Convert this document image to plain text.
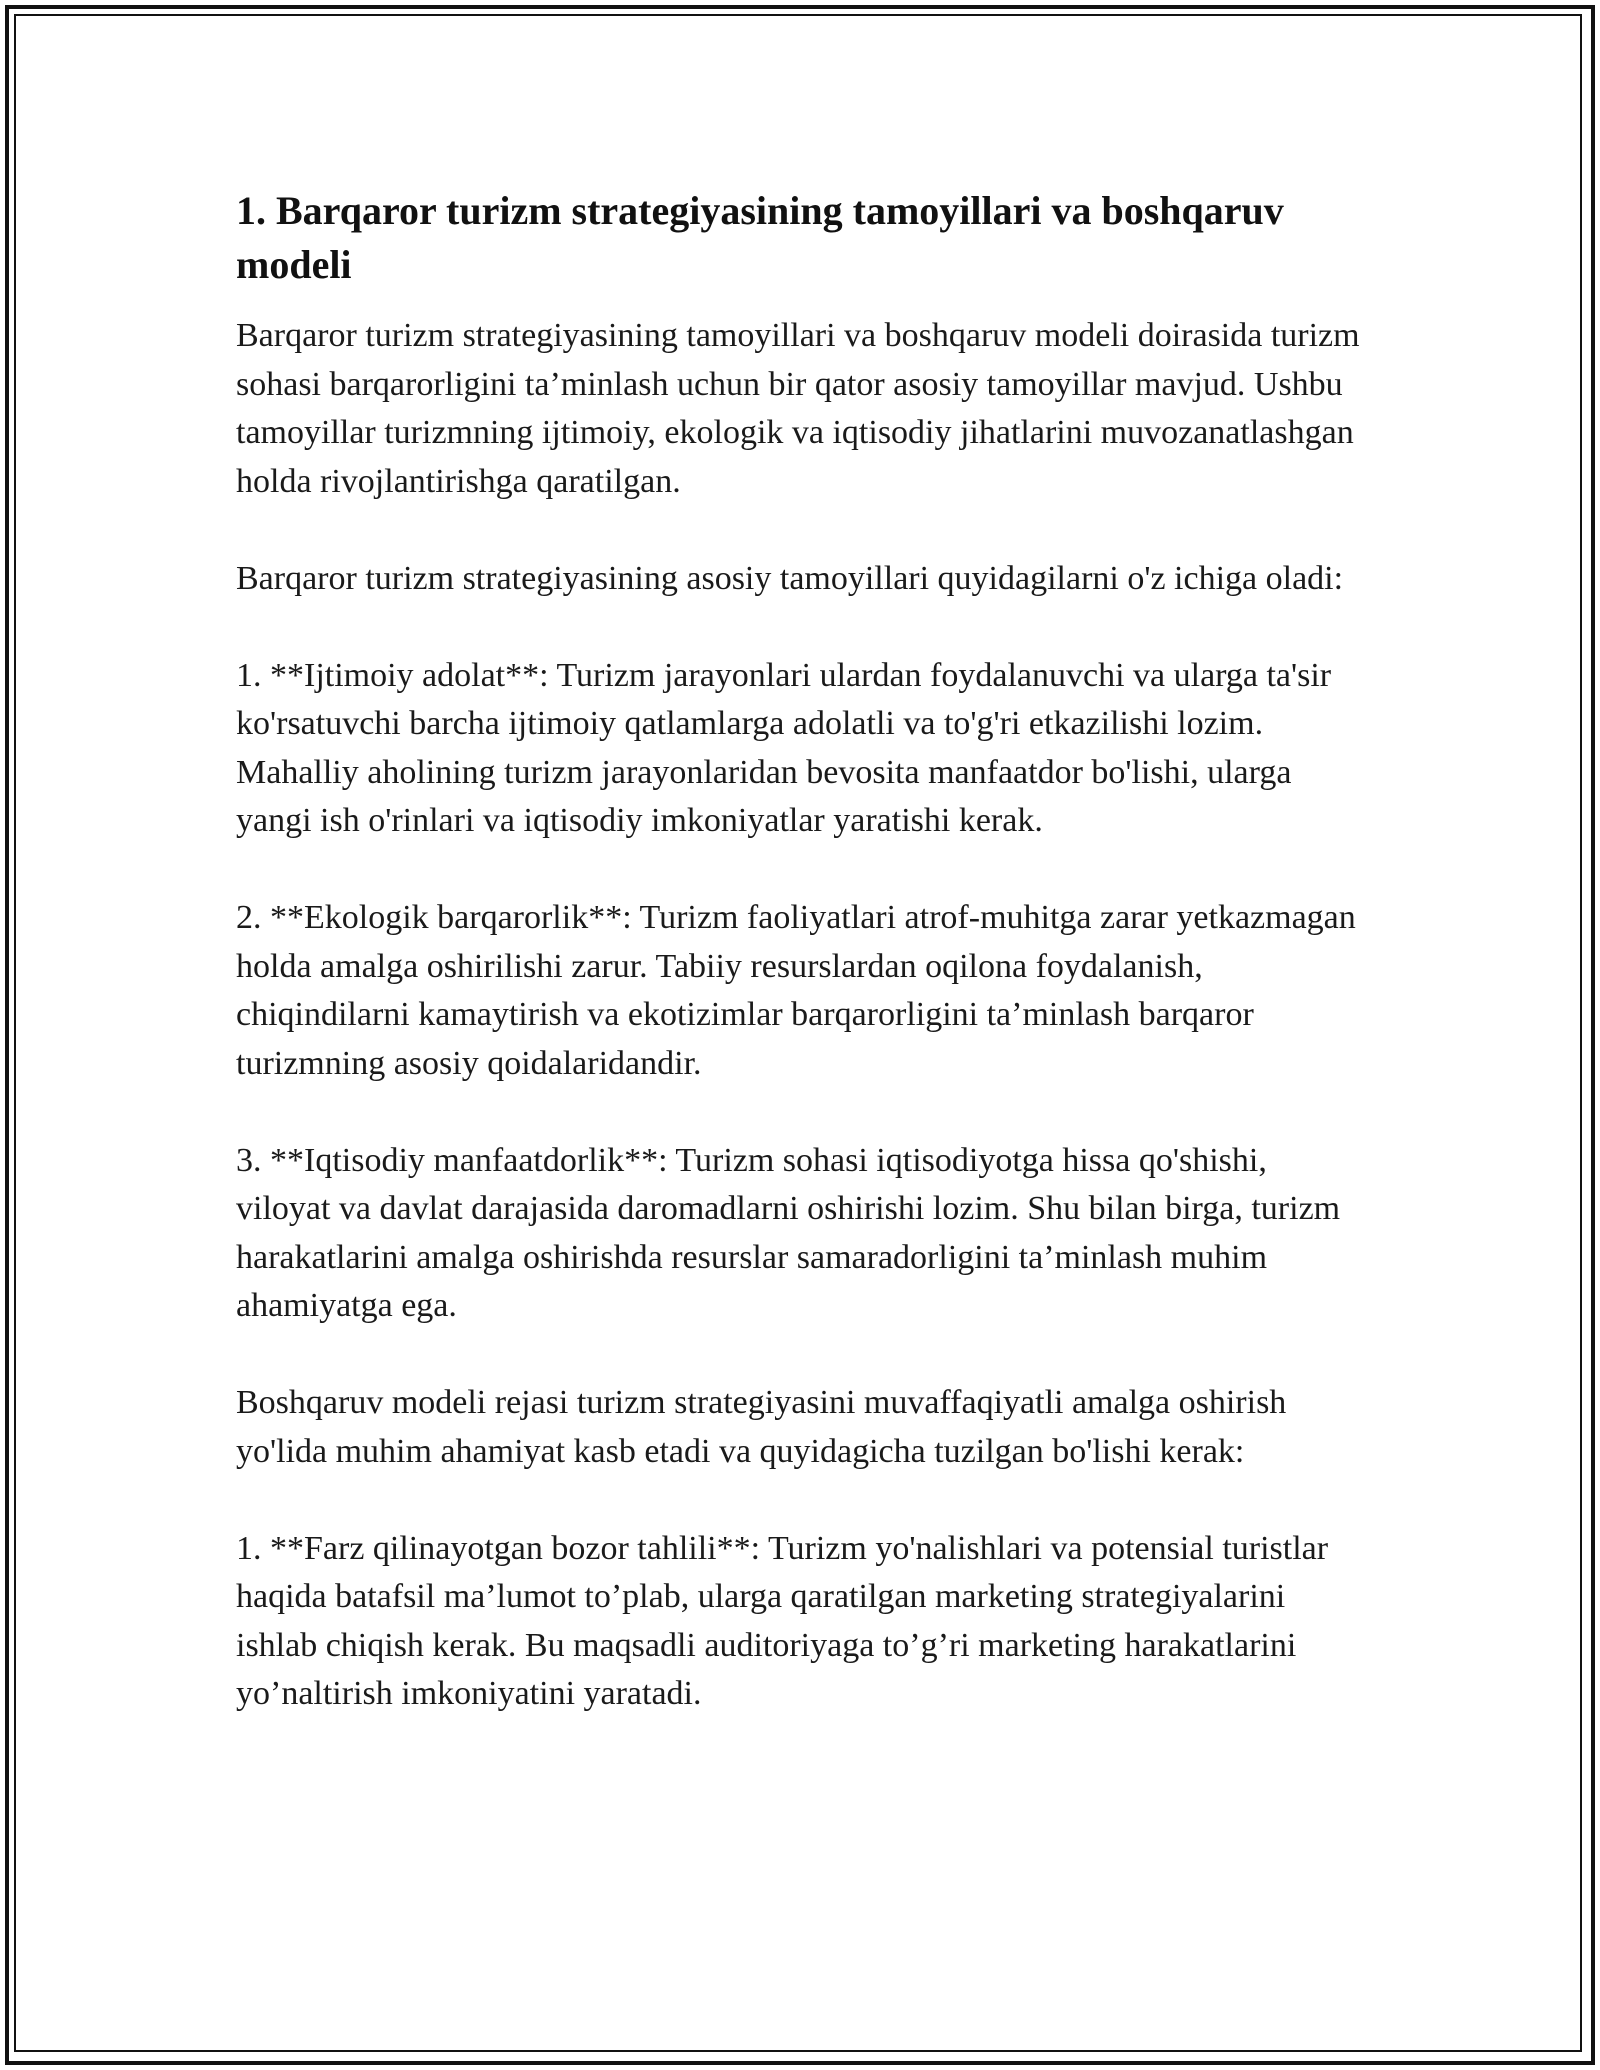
1. Barqaror turizm strategiyasining tamoyillari va boshqaruv modeli

Barqaror turizm strategiyasining tamoyillari va boshqaruv modeli doirasida turizm sohasi barqarorligini ta’minlash uchun bir qator asosiy tamoyillar mavjud. Ushbu tamoyillar turizmning ijtimoiy, ekologik va iqtisodiy jihatlarini muvozanatlashgan holda rivojlantirishga qaratilgan.

Barqaror turizm strategiyasining asosiy tamoyillari quyidagilarni o'z ichiga oladi:

1. **Ijtimoiy adolat**: Turizm jarayonlari ulardan foydalanuvchi va ularga ta'sir ko'rsatuvchi barcha ijtimoiy qatlamlarga adolatli va to'g'ri etkazilishi lozim. Mahalliy aholining turizm jarayonlaridan bevosita manfaatdor bo'lishi, ularga yangi ish o'rinlari va iqtisodiy imkoniyatlar yaratishi kerak.

2. **Ekologik barqarorlik**: Turizm faoliyatlari atrof-muhitga zarar yetkazmagan holda amalga oshirilishi zarur. Tabiiy resurslardan oqilona foydalanish, chiqindilarni kamaytirish va ekotizimlar barqarorligini ta’minlash barqaror turizmning asosiy qoidalaridandir.

3. **Iqtisodiy manfaatdorlik**: Turizm sohasi iqtisodiyotga hissa qo'shishi, viloyat va davlat darajasida daromadlarni oshirishi lozim. Shu bilan birga, turizm harakatlarini amalga oshirishda resurslar samaradorligini ta’minlash muhim ahamiyatga ega.

Boshqaruv modeli rejasi turizm strategiyasini muvaffaqiyatli amalga oshirish yo'lida muhim ahamiyat kasb etadi va quyidagicha tuzilgan bo'lishi kerak:

1. **Farz qilinayotgan bozor tahlili**: Turizm yo'nalishlari va potensial turistlar haqida batafsil ma’lumot to’plab, ularga qaratilgan marketing strategiyalarini ishlab chiqish kerak. Bu maqsadli auditoriyaga to’g’ri marketing harakatlarini yo’naltirish imkoniyatini yaratadi.
